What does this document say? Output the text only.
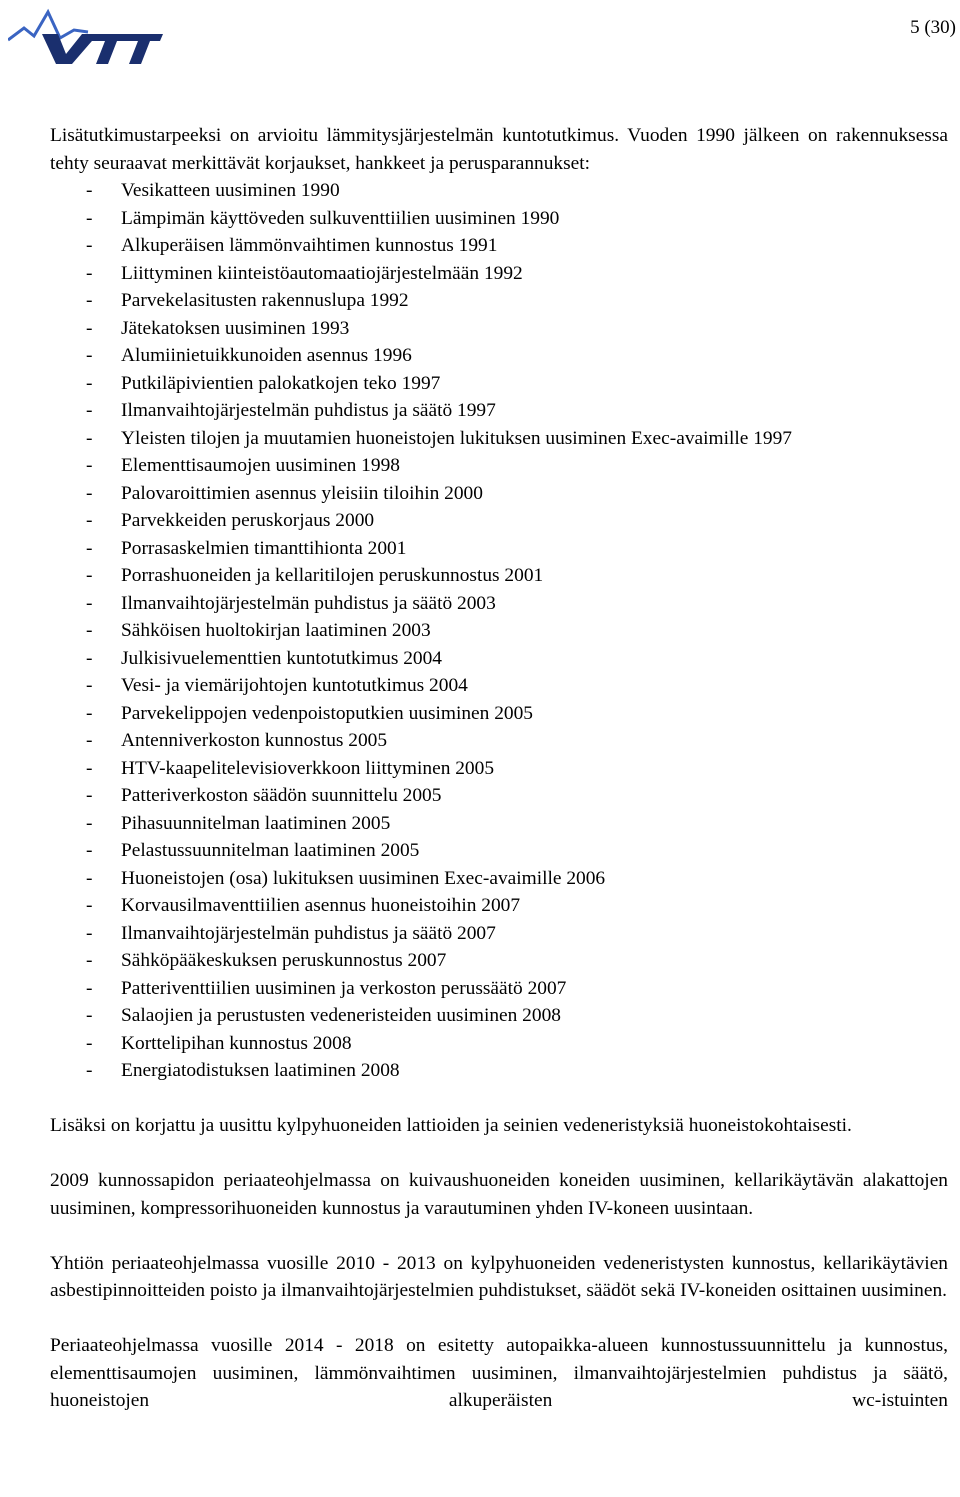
5 (30)

Lisätutkimustarpeeksi on arvioitu lämmitysjärjestelmän kuntotutkimus. Vuoden 1990 jälkeen on rakennuksessa tehty seuraavat merkittävät korjaukset, hankkeet ja perusparannukset:

- Vesikatteen uusiminen 1990
- Lämpimän käyttöveden sulkuventtiilien uusiminen 1990
- Alkuperäisen lämmönvaihtimen kunnostus 1991
- Liittyminen kiinteistöautomaatiojärjestelmään 1992
- Parvekelasitusten rakennuslupa 1992
- Jätekatoksen uusiminen 1993
- Alumiinietuikkunoiden asennus 1996
- Putkiläpivientien palokatkojen teko 1997
- Ilmanvaihtojärjestelmän puhdistus ja säätö 1997
- Yleisten tilojen ja muutamien huoneistojen lukituksen uusiminen Exec-avaimille 1997
- Elementtisaumojen uusiminen 1998
- Palovaroittimien asennus yleisiin tiloihin 2000
- Parvekkeiden peruskorjaus 2000
- Porrasaskelmien timanttihionta 2001
- Porrashuoneiden ja kellaritilojen peruskunnostus 2001
- Ilmanvaihtojärjestelmän puhdistus ja säätö 2003
- Sähköisen huoltokirjan laatiminen 2003
- Julkisivuelementtien kuntotutkimus 2004
- Vesi- ja viemärijohtojen kuntotutkimus 2004
- Parvekelippojen vedenpoistoputkien uusiminen 2005
- Antenniverkoston kunnostus 2005
- HTV-kaapelitelevisioverkkoon liittyminen 2005
- Patteriverkoston säädön suunnittelu 2005
- Pihasuunnitelman laatiminen 2005
- Pelastussuunnitelman laatiminen 2005
- Huoneistojen (osa) lukituksen uusiminen Exec-avaimille 2006
- Korvausilmaventtiilien asennus huoneistoihin 2007
- Ilmanvaihtojärjestelmän puhdistus ja säätö 2007
- Sähköpääkeskuksen peruskunnostus 2007
- Patteriventtiilien uusiminen ja verkoston perussäätö 2007
- Salaojien ja perustusten vedeneristeiden uusiminen 2008
- Korttelipihan kunnostus 2008
- Energiatodistuksen laatiminen 2008

Lisäksi on korjattu ja uusittu kylpyhuoneiden lattioiden ja seinien vedeneristyksiä huoneistokohtaisesti.

2009 kunnossapidon periaateohjelmassa on kuivaushuoneiden koneiden uusiminen, kellarikäytävän alakattojen uusiminen, kompressorihuoneiden kunnostus ja varautuminen yhden IV-koneen uusintaan.

Yhtiön periaateohjelmassa vuosille 2010 - 2013 on kylpyhuoneiden vedeneristysten kunnostus, kellarikäytävien asbestipinnoitteiden poisto ja ilmanvaihtojärjestelmien puhdistukset, säädöt sekä IV-koneiden osittainen uusiminen.

Periaateohjelmassa vuosille 2014 - 2018 on esitetty autopaikka-alueen kunnostussuunnittelu ja kunnostus, elementtisaumojen uusiminen, lämmönvaihtimen uusiminen, ilmanvaihtojärjestelmien puhdistus ja säätö, huoneistojen alkuperäisten wc-istuinten
